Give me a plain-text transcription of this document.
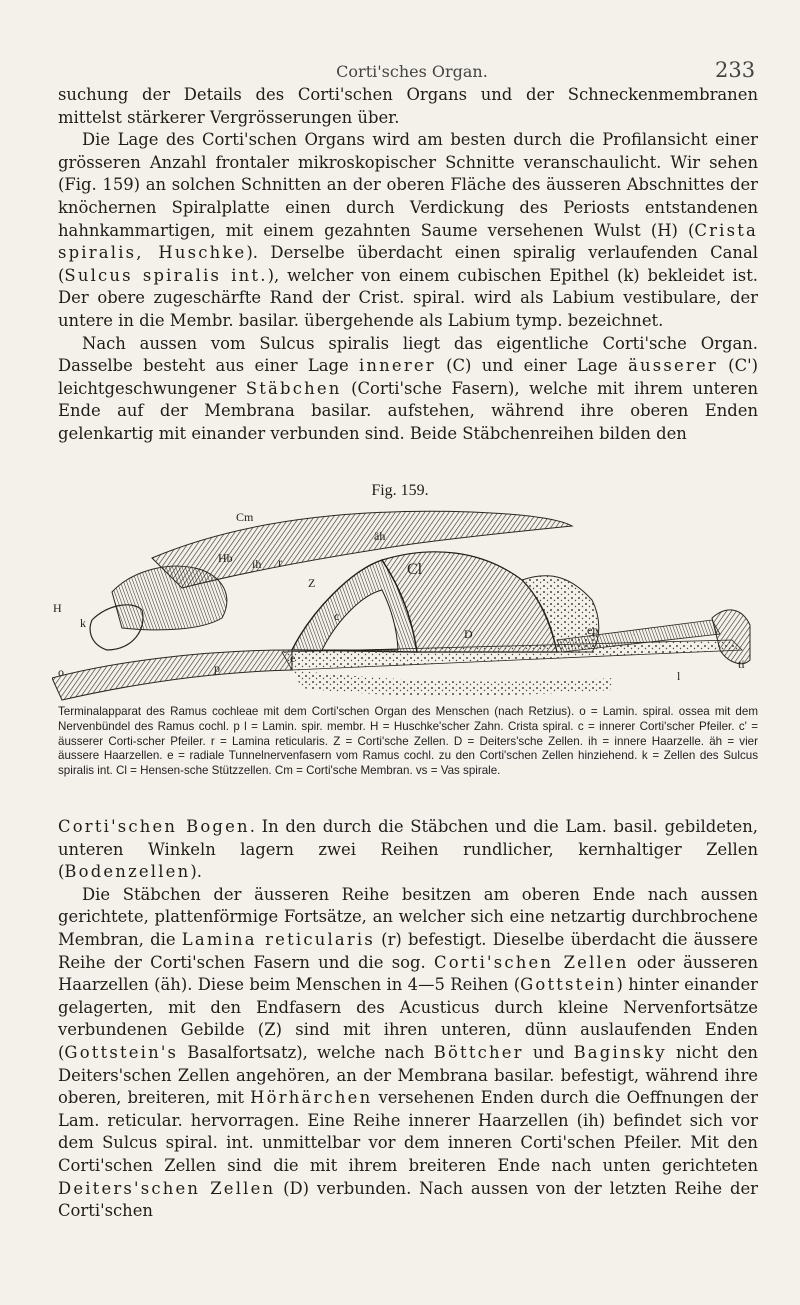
Corti'sches Organ.	233

suchung der Details des Corti'schen Organs und der Schneckenmembranen mittelst stärkerer Vergrösserungen über.

Die Lage des Corti'schen Organs wird am besten durch die Profilansicht einer grösseren Anzahl frontaler mikroskopischer Schnitte veranschaulicht. Wir sehen (Fig. 159) an solchen Schnitten an der oberen Fläche des äusseren Abschnittes der knöchernen Spiralplatte einen durch Verdickung des Periosts entstandenen hahnkammartigen, mit einem gezahnten Saume versehenen Wulst (H) (Crista spiralis, Huschke). Derselbe überdacht einen spiralig verlaufenden Canal (Sulcus spiralis int.), welcher von einem cubischen Epithel (k) bekleidet ist. Der obere zugeschärfte Rand der Crist. spiral. wird als Labium vestibulare, der untere in die Membr. basilar. übergehende als Labium tymp. bezeichnet.

Nach aussen vom Sulcus spiralis liegt das eigentliche Corti'sche Organ. Dasselbe besteht aus einer Lage innerer (C) und einer Lage äusserer (C') leichtgeschwungener Stäbchen (Corti'sche Fasern), welche mit ihrem unteren Ende auf der Membrana basilar. aufstehen, während ihre oberen Enden gelenkartig mit einander verbunden sind. Beide Stäbchenreihen bilden den

Fig. 159.
Cm
äh
Hb ih r
Z
Cl
H
k
o	p
e
c
D	ep
l
ti

Terminalapparat des Ramus cochleae mit dem Corti'schen Organ des Menschen (nach Retzius). o = Lamin. spiral. ossea mit dem Nervenbündel des Ramus cochl. p l = Lamin. spir. membr. H = Huschke'scher Zahn. Crista spiral. c = innerer Corti'scher Pfeiler. c' = äusserer Corti-scher Pfeiler. r = Lamina reticularis. Z = Corti'sche Zellen. D = Deiters'sche Zellen. ih = innere Haarzelle. äh = vier äussere Haarzellen. e = radiale Tunnelnervenfasern vom Ramus cochl. zu den Corti'schen Zellen hinziehend. k = Zellen des Sulcus spiralis int. Cl = Hensen-sche Stützzellen. Cm = Corti'sche Membran. vs = Vas spirale.

Corti'schen Bogen. In den durch die Stäbchen und die Lam. basil. gebildeten, unteren Winkeln lagern zwei Reihen rundlicher, kernhaltiger Zellen (Bodenzellen).

Die Stäbchen der äusseren Reihe besitzen am oberen Ende nach aussen gerichtete, plattenförmige Fortsätze, an welcher sich eine netzartig durchbrochene Membran, die Lamina reticularis (r) befestigt. Dieselbe überdacht die äussere Reihe der Corti'schen Fasern und die sog. Corti'schen Zellen oder äusseren Haarzellen (äh). Diese beim Menschen in 4—5 Reihen (Gottstein) hinter einander gelagerten, mit den Endfasern des Acusticus durch kleine Nervenfortsätze verbundenen Gebilde (Z) sind mit ihren unteren, dünn auslaufenden Enden (Gottstein's Basalfortsatz), welche nach Böttcher und Baginsky nicht den Deiters'schen Zellen angehören, an der Membrana basilar. befestigt, während ihre oberen, breiteren, mit Hörhärchen versehenen Enden durch die Oeffnungen der Lam. reticular. hervorragen. Eine Reihe innerer Haarzellen (ih) befindet sich vor dem Sulcus spiral. int. unmittelbar vor dem inneren Corti'schen Pfeiler. Mit den Corti'schen Zellen sind die mit ihrem breiteren Ende nach unten gerichteten Deiters'schen Zellen (D) verbunden. Nach aussen von der letzten Reihe der Corti'schen
